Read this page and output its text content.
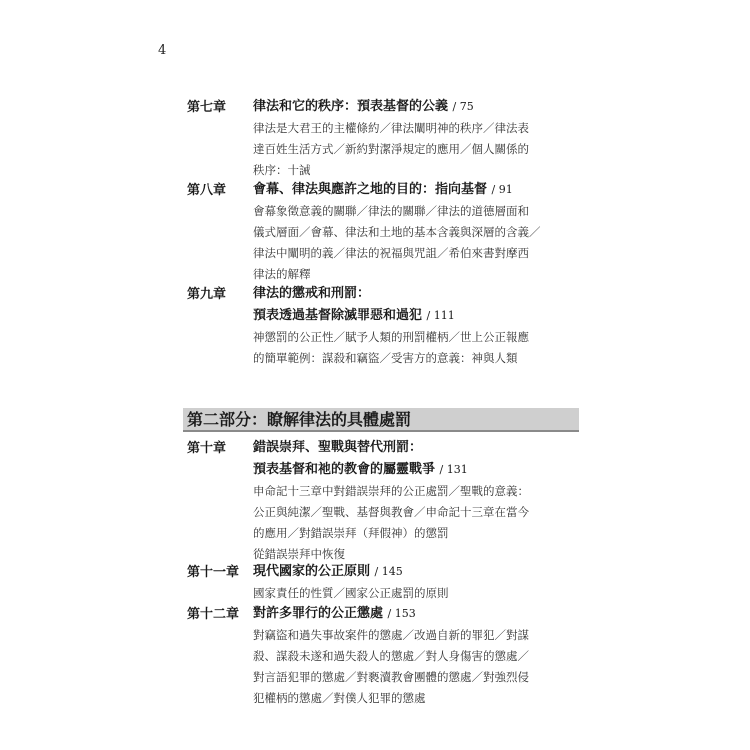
4
第七章 律法和它的秩序：預表基督的公義 / 75
律法是大君王的主權條約／律法闡明神的秩序／律法表
達百姓生活方式／新約對潔淨規定的應用／個人關係的
秩序：十誡
第八章 會幕、律法與應許之地的目的：指向基督 / 91
會幕象徵意義的關聯／律法的關聯／律法的道德層面和
儀式層面／會幕、律法和土地的基本含義與深層的含義／
律法中闡明的義／律法的祝福與咒詛／希伯來書對摩西
律法的解釋
第九章 律法的懲戒和刑罰：
預表透過基督除滅罪惡和過犯 / 111
神懲罰的公正性／賦予人類的刑罰權柄／世上公正報應
的簡單範例：謀殺和竊盜／受害方的意義：神與人類
第二部分：瞭解律法的具體處罰
第十章 錯誤崇拜、聖戰與替代刑罰：
預表基督和祂的教會的屬靈戰爭 / 131
申命記十三章中對錯誤崇拜的公正處罰／聖戰的意義：
公正與純潔／聖戰、基督與教會／申命記十三章在當今
的應用／對錯誤崇拜（拜假神）的懲罰
從錯誤崇拜中恢復
第十一章 現代國家的公正原則 / 145
國家責任的性質／國家公正處罰的原則
第十二章 對許多罪行的公正懲處 / 153
對竊盜和過失事故案件的懲處／改過自新的罪犯／對謀
殺、謀殺未遂和過失殺人的懲處／對人身傷害的懲處／
對言語犯罪的懲處／對褻瀆教會團體的懲處／對強烈侵
犯權柄的懲處／對僕人犯罪的懲處
